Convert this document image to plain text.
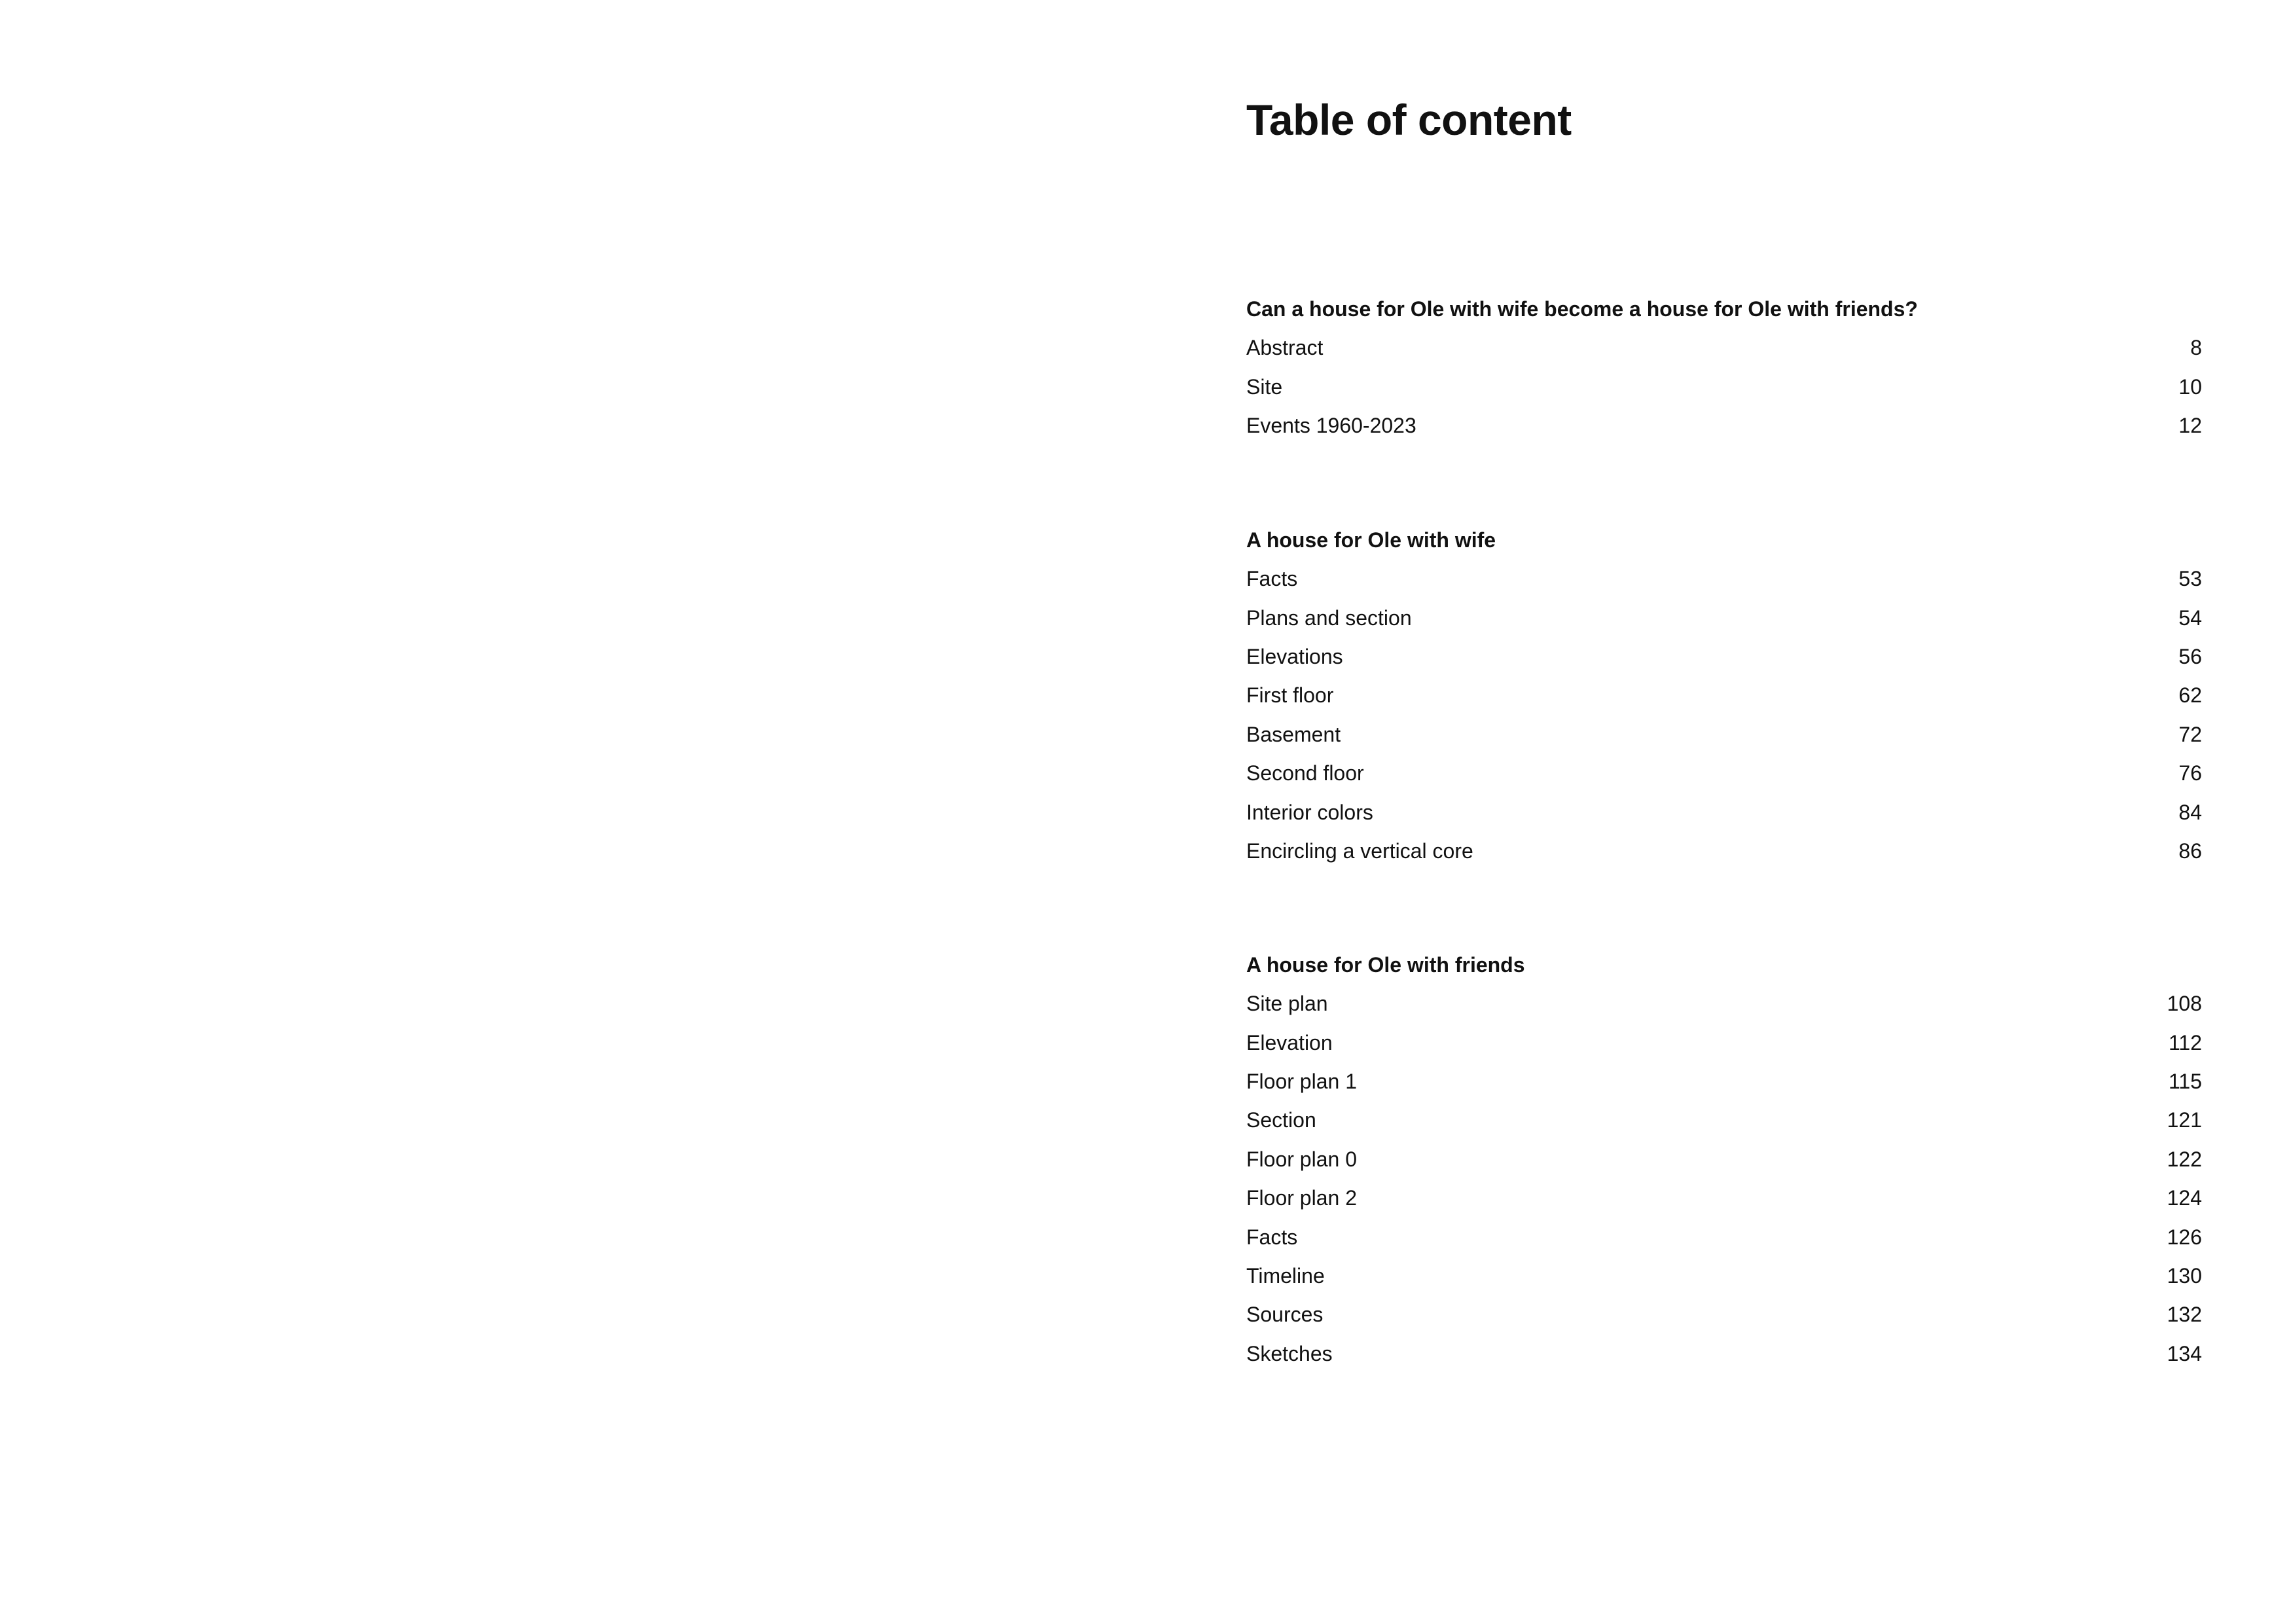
Table of content
Can a house for Ole with wife become a house for Ole with friends?
Abstract	8
Site	10
Events 1960-2023	12
A house for Ole with wife
Facts	53
Plans and section	54
Elevations	56
First floor	62
Basement	72
Second floor	76
Interior colors	84
Encircling a vertical core	86
A house for Ole with friends
Site plan	108
Elevation	112
Floor plan 1	115
Section	121
Floor plan 0	122
Floor plan 2	124
Facts	126
Timeline	130
Sources	132
Sketches	134
